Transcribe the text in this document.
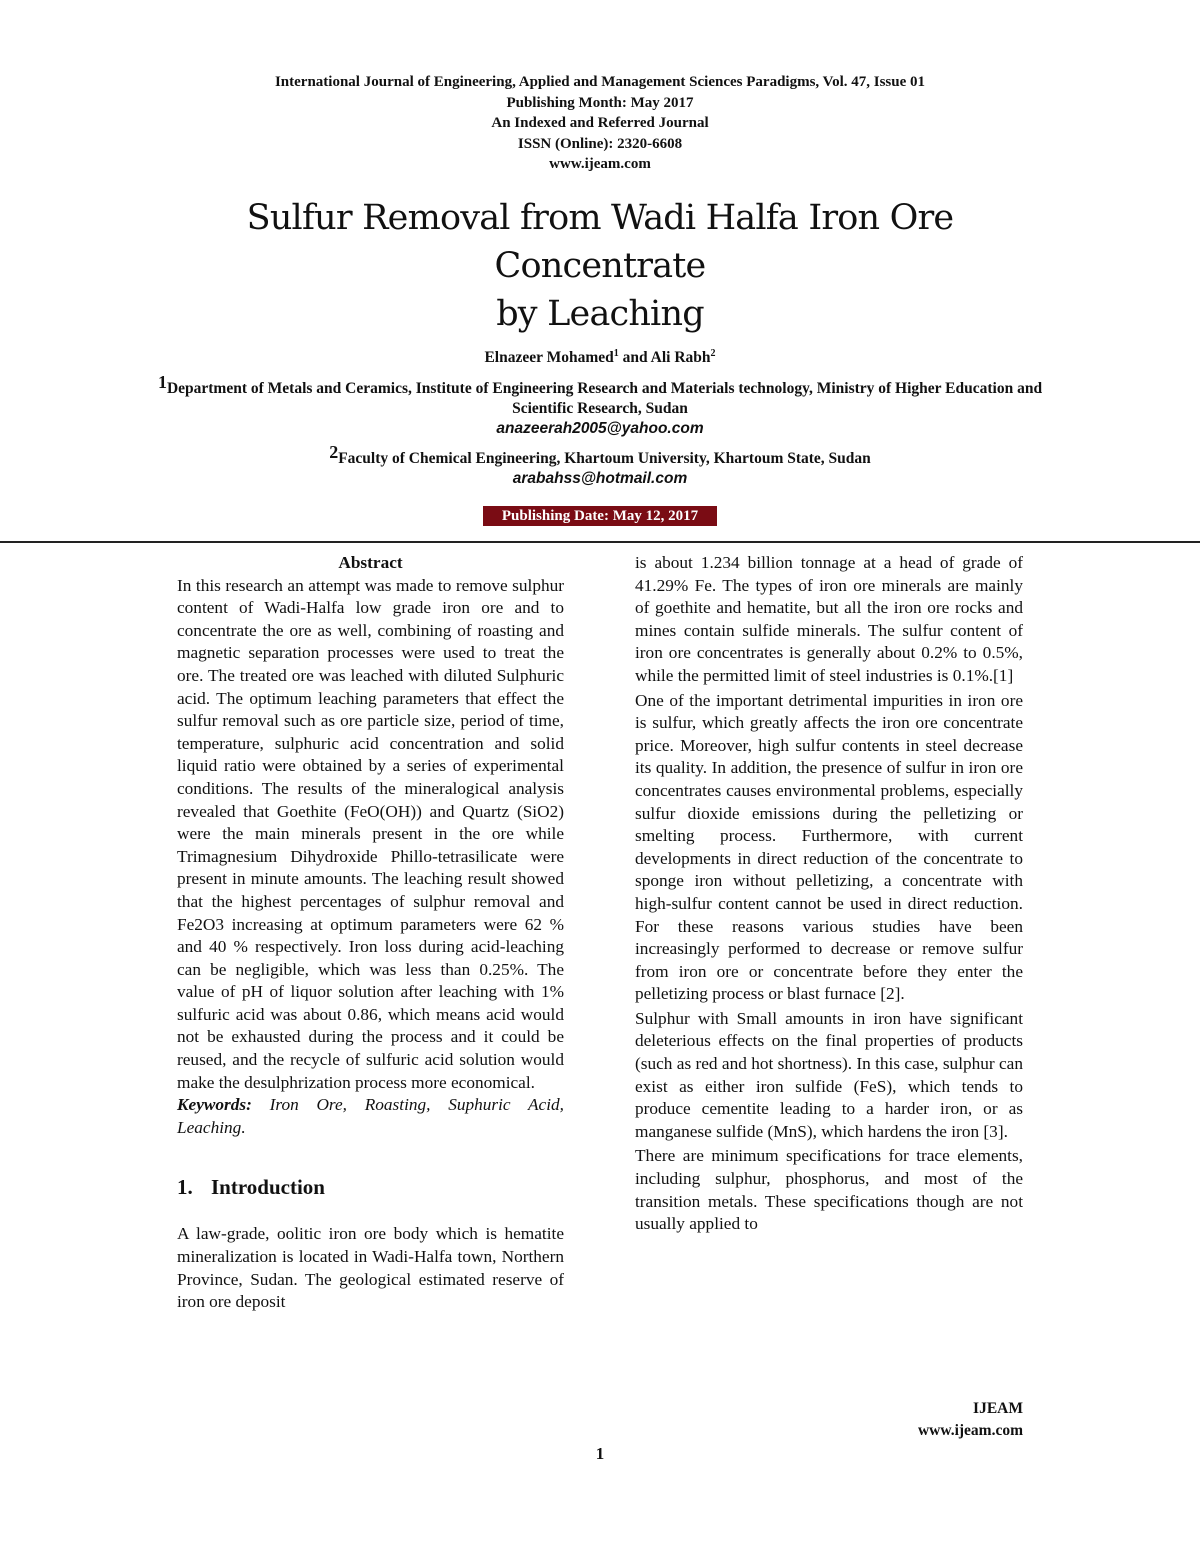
International Journal of Engineering, Applied and Management Sciences Paradigms, Vol. 47, Issue 01
Publishing Month: May 2017
An Indexed and Referred Journal
ISSN (Online): 2320-6608
www.ijeam.com
Sulfur Removal from Wadi Halfa Iron Ore Concentrate
by Leaching
Elnazeer Mohamed$^1$ and Ali Rabh$^2$
$^1$Department of Metals and Ceramics, Institute of Engineering Research and Materials technology, Ministry of Higher Education and Scientific Research, Sudan
anazeerah2005@yahoo.com
$^2$Faculty of Chemical Engineering, Khartoum University, Khartoum State, Sudan
arabahss@hotmail.com
Publishing Date: May 12, 2017
Abstract

In this research an attempt was made to remove sulphur content of Wadi-Halfa low grade iron ore and to concentrate the ore as well, combining of roasting and magnetic separation processes were used to treat the ore. The treated ore was leached with diluted Sulphuric acid. The optimum leaching parameters that effect the sulfur removal such as ore particle size, period of time, temperature, sulphuric acid concentration and solid liquid ratio were obtained by a series of experimental conditions. The results of the mineralogical analysis revealed that Goethite (FeO(OH)) and Quartz (SiO2) were the main minerals present in the ore while Trimagnesium Dihydroxide Phillo-tetrasilicate were present in minute amounts. The leaching result showed that the highest percentages of sulphur removal and Fe2O3 increasing at optimum parameters were 62 % and 40 % respectively. Iron loss during acid-leaching can be negligible, which was less than 0.25%. The value of pH of liquor solution after leaching with 1% sulfuric acid was about 0.86, which means acid would not be exhausted during the process and it could be reused, and the recycle of sulfuric acid solution would make the desulphrization process more economical.

Keywords: Iron Ore, Roasting, Suphuric Acid, Leaching.

1. Introduction

A law-grade, oolitic iron ore body which is hematite mineralization is located in Wadi-Halfa town, Northern Province, Sudan. The geological estimated reserve of iron ore deposit

is about 1.234 billion tonnage at a head of grade of 41.29% Fe. The types of iron ore minerals are mainly of goethite and hematite, but all the iron ore rocks and mines contain sulfide minerals. The sulfur content of iron ore concentrates is generally about 0.2% to 0.5%, while the permitted limit of steel industries is 0.1%.[1]

One of the important detrimental impurities in iron ore is sulfur, which greatly affects the iron ore concentrate price. Moreover, high sulfur contents in steel decrease its quality. In addition, the presence of sulfur in iron ore concentrates causes environmental problems, especially sulfur dioxide emissions during the pelletizing or smelting process. Furthermore, with current developments in direct reduction of the concentrate to sponge iron without pelletizing, a concentrate with high-sulfur content cannot be used in direct reduction. For these reasons various studies have been increasingly performed to decrease or remove sulfur from iron ore or concentrate before they enter the pelletizing process or blast furnace [2].

Sulphur with Small amounts in iron have significant deleterious effects on the final properties of products (such as red and hot shortness). In this case, sulphur can exist as either iron sulfide (FeS), which tends to produce cementite leading to a harder iron, or as manganese sulfide (MnS), which hardens the iron [3].

There are minimum specifications for trace elements, including sulphur, phosphorus, and most of the transition metals. These specifications though are not usually applied to

IJEAM
www.ijeam.com
1
